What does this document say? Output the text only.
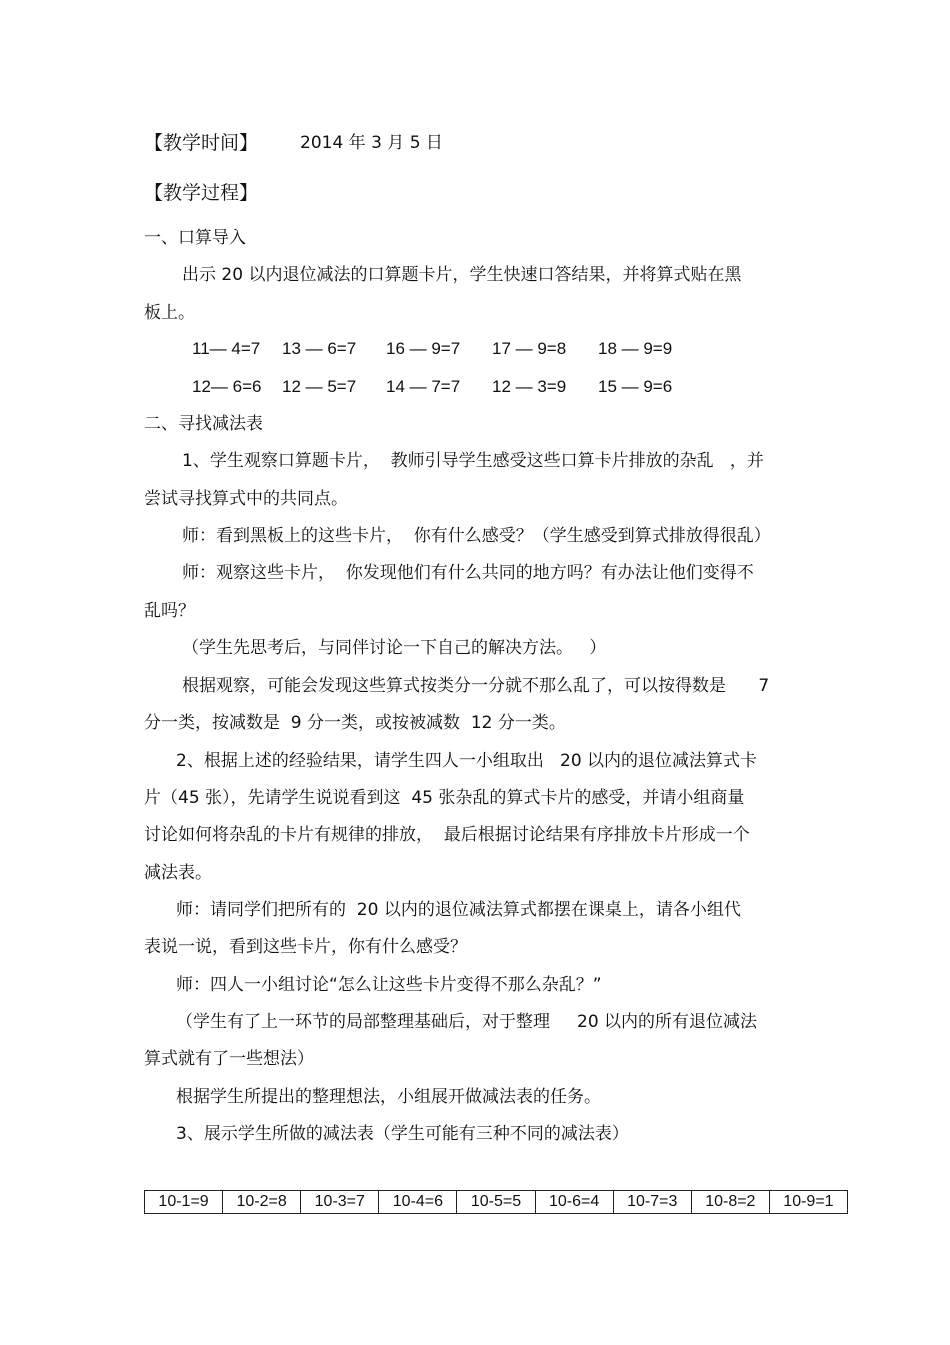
【教学时间】 2014 年 3 月 5 日
【教学过程】
一、口算导入
出示 20 以内退位减法的口算题卡片，学生快速口答结果，并将算式贴在黑
板上。

11— 4=7

13 — 6=7

16 — 9=7

17 — 9=8

18 — 9=9

12— 6=6

12 — 5=7

14 — 7=7

12 — 3=9

15 — 9=6

二、寻找减法表
1、学生观察口算题卡片，  教师引导学生感受这些口算卡片排放的杂乱   ，并
尝试寻找算式中的共同点。
师：看到黑板上的这些卡片，  你有什么感受？（学生感受到算式排放得很乱）
师：观察这些卡片，  你发现他们有什么共同的地方吗？有办法让他们变得不
乱吗？
（学生先思考后，与同伴讨论一下自己的解决方法。   ）
根据观察，可能会发现这些算式按类分一分就不那么乱了，可以按得数是      7
分一类，按减数是  9 分一类，或按被减数  12 分一类。
2、根据上述的经验结果，请学生四人一小组取出   20 以内的退位减法算式卡
片（45 张），先请学生说说看到这  45 张杂乱的算式卡片的感受，并请小组商量
讨论如何将杂乱的卡片有规律的排放，  最后根据讨论结果有序排放卡片形成一个
减法表。
师：请同学们把所有的  20 以内的退位减法算式都摆在课桌上，请各小组代
表说一说，看到这些卡片，你有什么感受？
师：四人一小组讨论“怎么让这些卡片变得不那么杂乱？”
（学生有了上一环节的局部整理基础后，对于整理     20 以内的所有退位减法
算式就有了一些想法）
根据学生所提出的整理想法，小组展开做减法表的任务。
3、展示学生所做的减法表（学生可能有三种不同的减法表）
10-1=9	10-2=8	10-3=7	10-4=6	10-5=5	10-6=4	10-7=3	10-8=2	10-9=1
